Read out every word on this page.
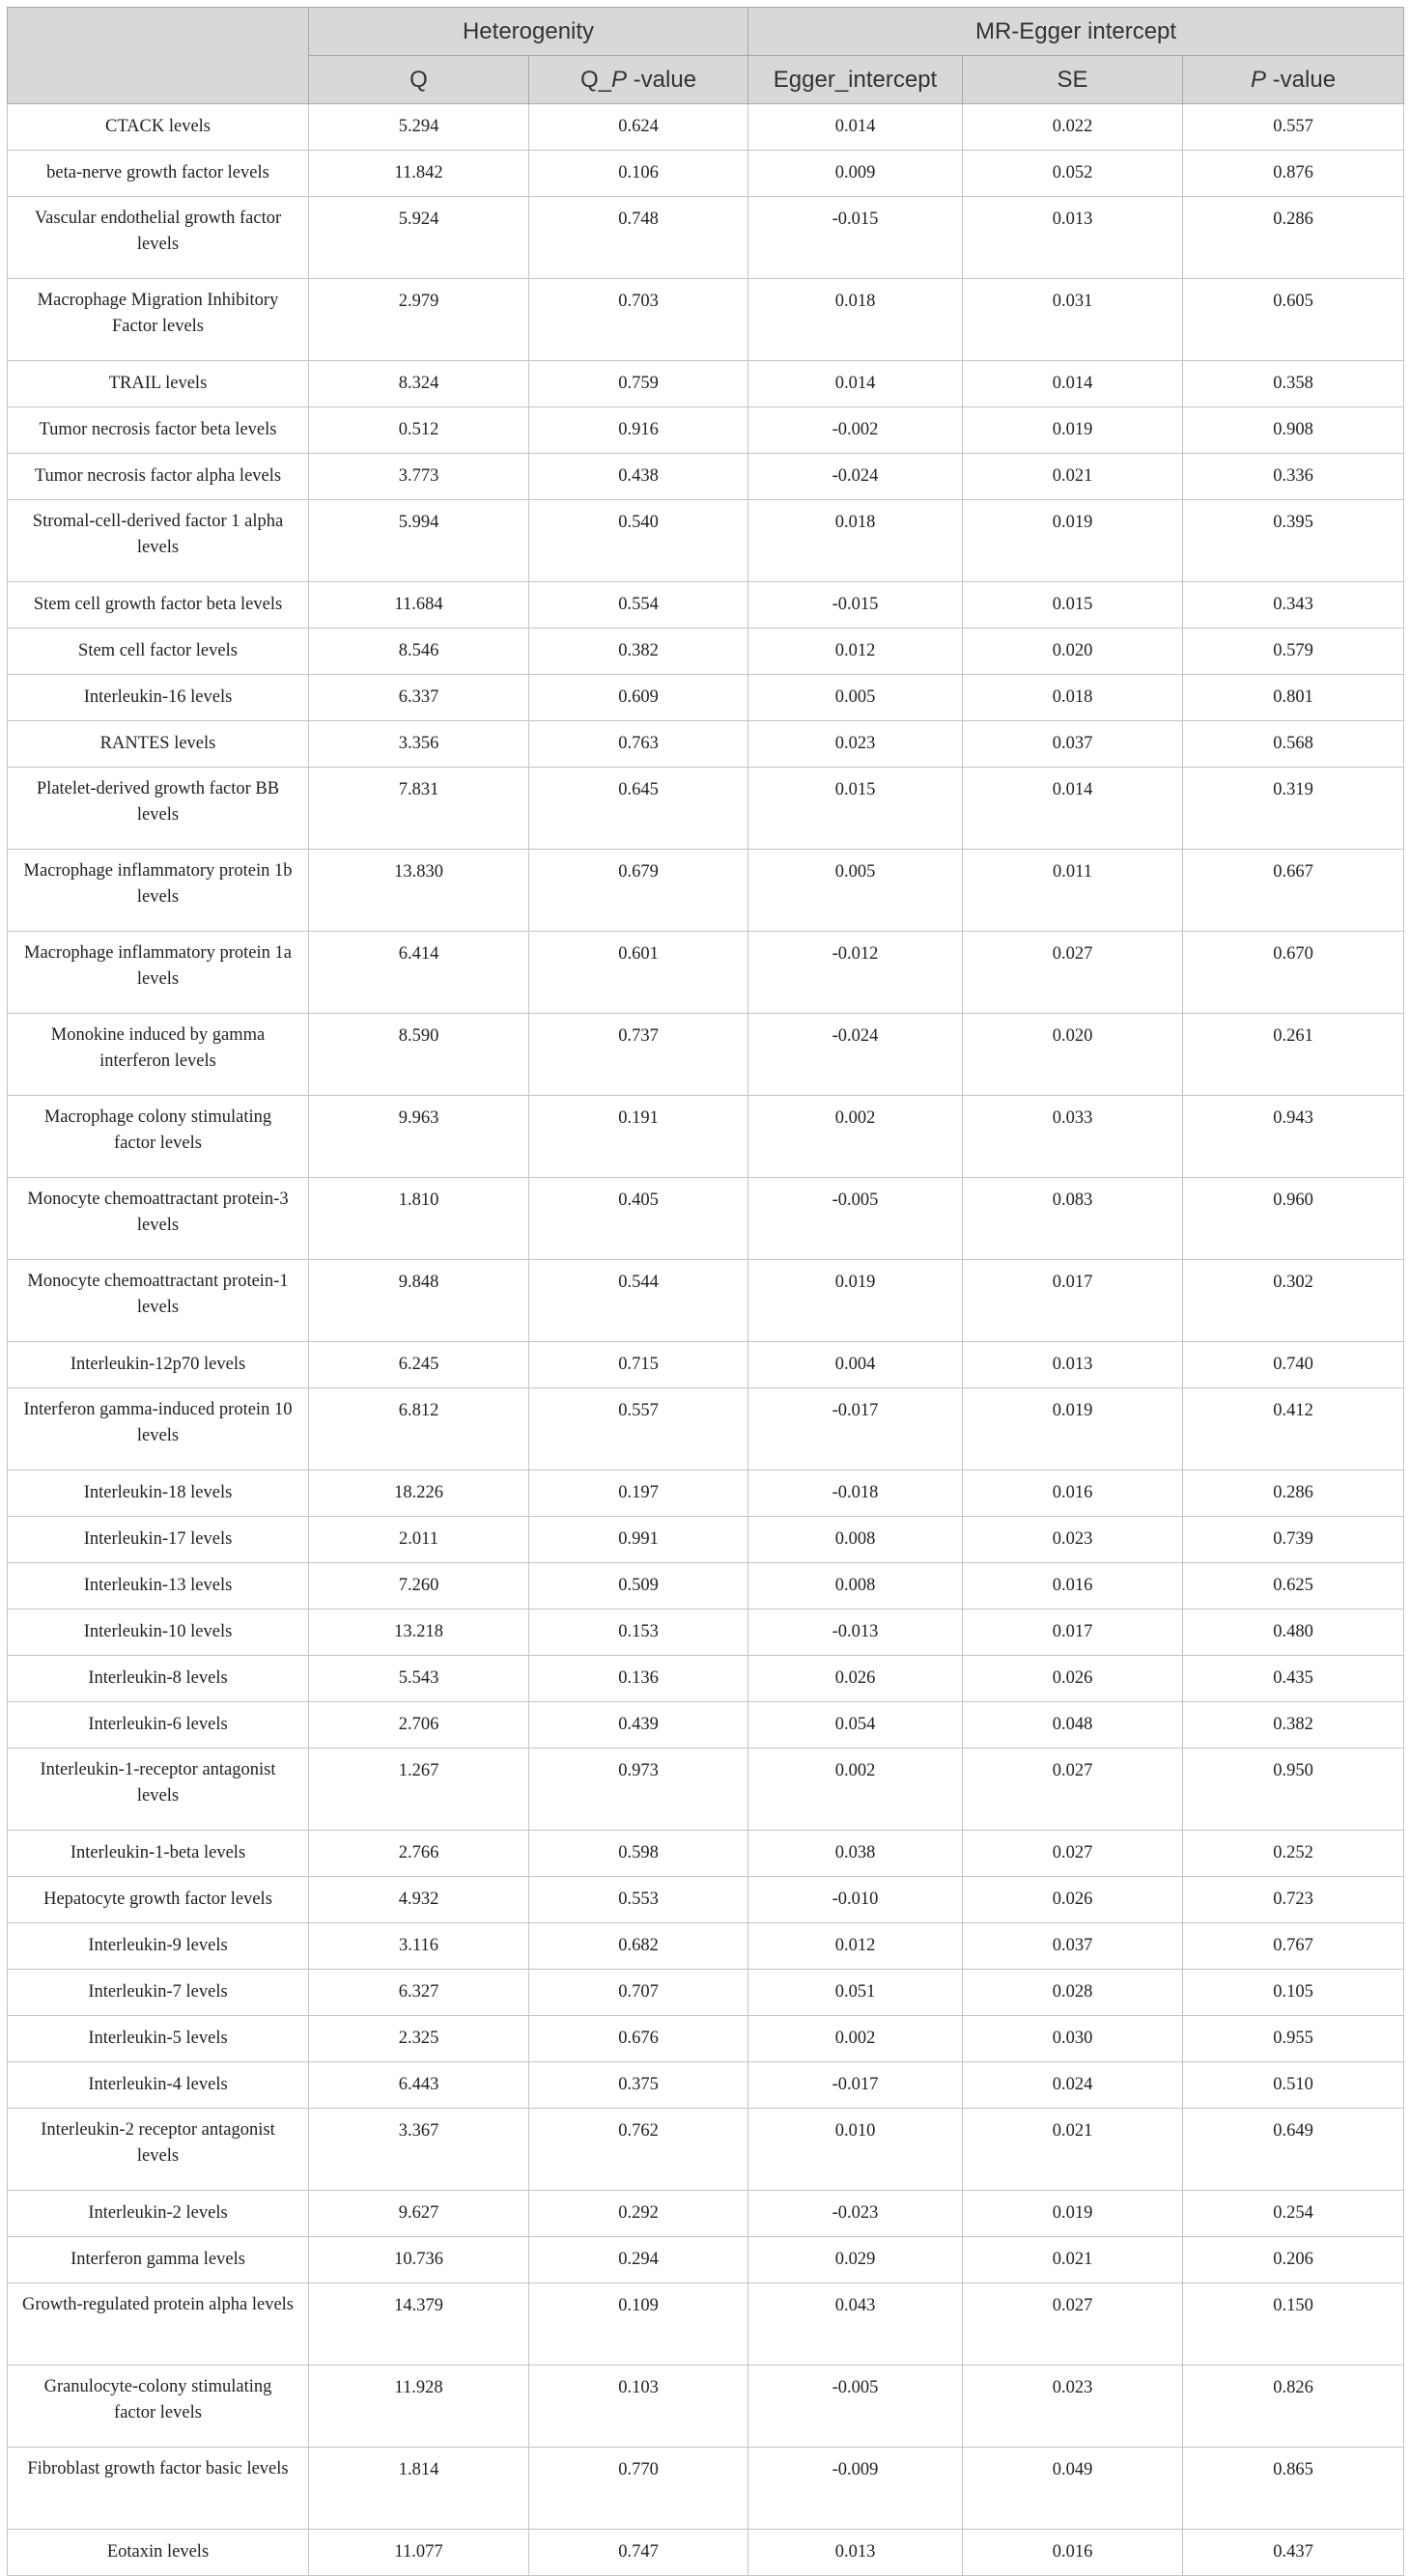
	Heterogenity		MR-Egger intercept		
	Q	Q_P -value	Egger_intercept	SE	P -value
CTACK levels	5.294	0.624	0.014	0.022	0.557
beta-nerve growth factor levels	11.842	0.106	0.009	0.052	0.876
Vascular endothelial growth factor levels	5.924	0.748	-0.015	0.013	0.286
Macrophage Migration Inhibitory Factor levels	2.979	0.703	0.018	0.031	0.605
TRAIL levels	8.324	0.759	0.014	0.014	0.358
Tumor necrosis factor beta levels	0.512	0.916	-0.002	0.019	0.908
Tumor necrosis factor alpha levels	3.773	0.438	-0.024	0.021	0.336
Stromal-cell-derived factor 1 alpha levels	5.994	0.540	0.018	0.019	0.395
Stem cell growth factor beta levels	11.684	0.554	-0.015	0.015	0.343
Stem cell factor levels	8.546	0.382	0.012	0.020	0.579
Interleukin-16 levels	6.337	0.609	0.005	0.018	0.801
RANTES levels	3.356	0.763	0.023	0.037	0.568
Platelet-derived growth factor BB levels	7.831	0.645	0.015	0.014	0.319
Macrophage inflammatory protein 1b levels	13.830	0.679	0.005	0.011	0.667
Macrophage inflammatory protein 1a levels	6.414	0.601	-0.012	0.027	0.670
Monokine induced by gamma interferon levels	8.590	0.737	-0.024	0.020	0.261
Macrophage colony stimulating factor levels	9.963	0.191	0.002	0.033	0.943
Monocyte chemoattractant protein-3 levels	1.810	0.405	-0.005	0.083	0.960
Monocyte chemoattractant protein-1 levels	9.848	0.544	0.019	0.017	0.302
Interleukin-12p70 levels	6.245	0.715	0.004	0.013	0.740
Interferon gamma-induced protein 10 levels	6.812	0.557	-0.017	0.019	0.412
Interleukin-18 levels	18.226	0.197	-0.018	0.016	0.286
Interleukin-17 levels	2.011	0.991	0.008	0.023	0.739
Interleukin-13 levels	7.260	0.509	0.008	0.016	0.625
Interleukin-10 levels	13.218	0.153	-0.013	0.017	0.480
Interleukin-8 levels	5.543	0.136	0.026	0.026	0.435
Interleukin-6 levels	2.706	0.439	0.054	0.048	0.382
Interleukin-1-receptor antagonist levels	1.267	0.973	0.002	0.027	0.950
Interleukin-1-beta levels	2.766	0.598	0.038	0.027	0.252
Hepatocyte growth factor levels	4.932	0.553	-0.010	0.026	0.723
Interleukin-9 levels	3.116	0.682	0.012	0.037	0.767
Interleukin-7 levels	6.327	0.707	0.051	0.028	0.105
Interleukin-5 levels	2.325	0.676	0.002	0.030	0.955
Interleukin-4 levels	6.443	0.375	-0.017	0.024	0.510
Interleukin-2 receptor antagonist levels	3.367	0.762	0.010	0.021	0.649
Interleukin-2 levels	9.627	0.292	-0.023	0.019	0.254
Interferon gamma levels	10.736	0.294	0.029	0.021	0.206
Growth-regulated protein alpha levels	14.379	0.109	0.043	0.027	0.150
Granulocyte-colony stimulating factor levels	11.928	0.103	-0.005	0.023	0.826
Fibroblast growth factor basic levels	1.814	0.770	-0.009	0.049	0.865
Eotaxin levels	11.077	0.747	0.013	0.016	0.437
